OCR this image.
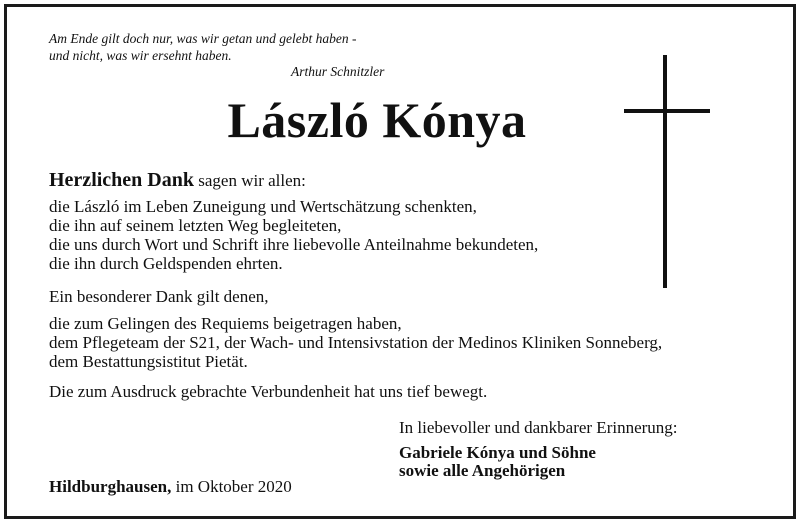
Am Ende gilt doch nur, was wir getan und gelebt haben -
und nicht, was wir ersehnt haben.
Arthur Schnitzler
László Kónya
Herzlichen Dank sagen wir allen:
die László im Leben Zuneigung und Wertschätzung schenkten,
die ihn auf seinem letzten Weg begleiteten,
die uns durch Wort und Schrift ihre liebevolle Anteilnahme bekundeten,
die ihn durch Geldspenden ehrten.
Ein besonderer Dank gilt denen,
die zum Gelingen des Requiems beigetragen haben,
dem Pflegeteam der S21, der Wach- und Intensivstation der Medinos Kliniken Sonneberg,
dem Bestattungsistitut Pietät.
Die zum Ausdruck gebrachte Verbundenheit hat uns tief bewegt.
In liebevoller und dankbarer Erinnerung:
Gabriele Kónya und Söhne
sowie alle Angehörigen
Hildburghausen, im Oktober 2020
